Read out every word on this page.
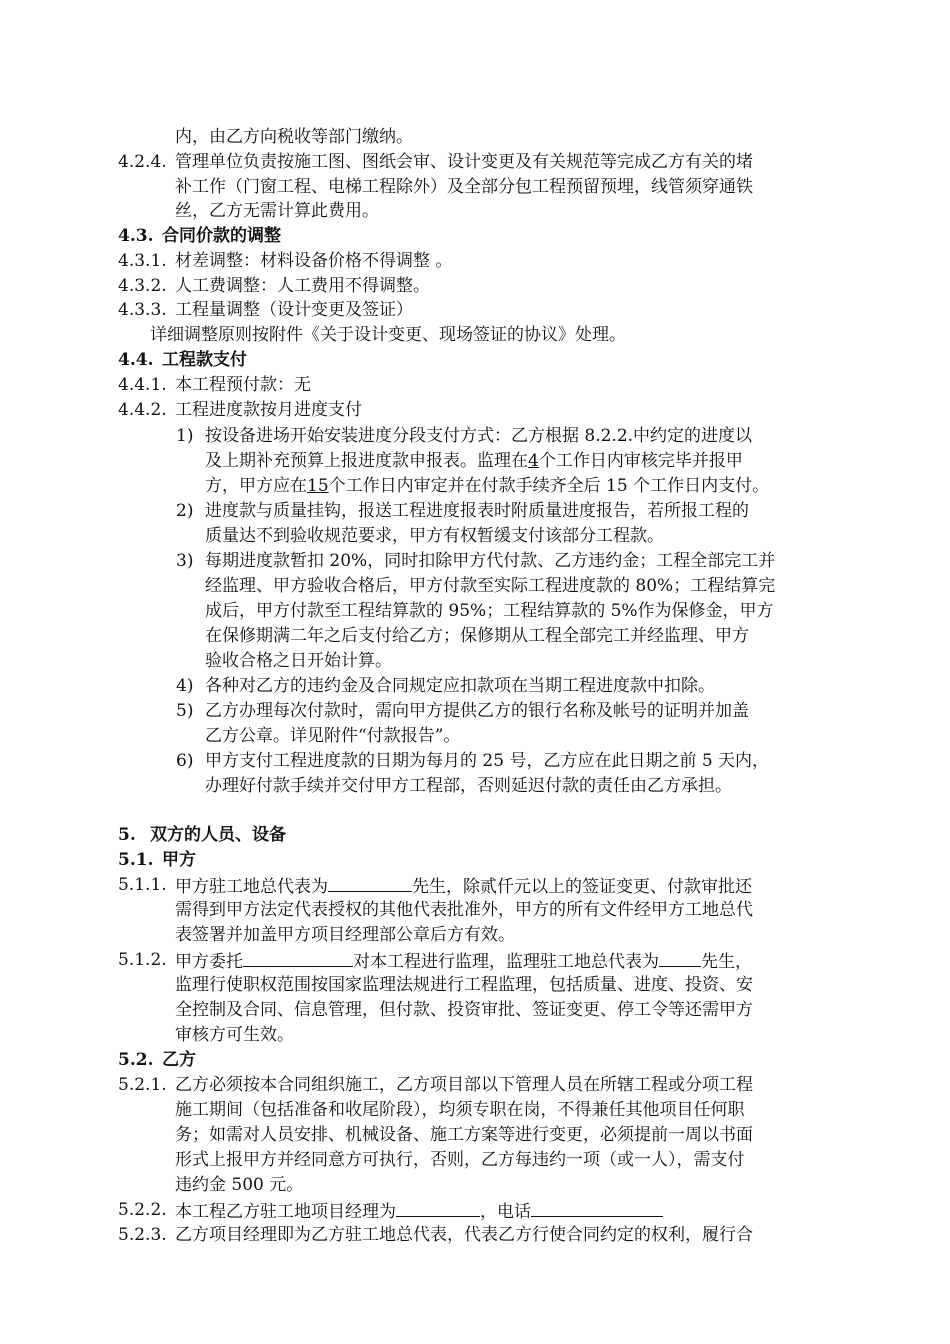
内，由乙方向税收等部门缴纳。
4.2.4. 管理单位负责按施工图、图纸会审、设计变更及有关规范等完成乙方有关的堵
补工作（门窗工程、电梯工程除外）及全部分包工程预留预埋，线管须穿通铁
丝，乙方无需计算此费用。
4.3. 合同价款的调整
4.3.1. 材差调整：材料设备价格不得调整 。
4.3.2. 人工费调整：人工费用不得调整。
4.3.3. 工程量调整（设计变更及签证）
详细调整原则按附件《关于设计变更、现场签证的协议》处理。
4.4. 工程款支付
4.4.1. 本工程预付款：无
4.4.2. 工程进度款按月进度支付
1) 按设备进场开始安装进度分段支付方式：乙方根据 8.2.2.中约定的进度以
及上期补充预算上报进度款申报表。监理在4个工作日内审核完毕并报甲
方，甲方应在15个工作日内审定并在付款手续齐全后 15 个工作日内支付。
2) 进度款与质量挂钩，报送工程进度报表时附质量进度报告，若所报工程的
质量达不到验收规范要求，甲方有权暂缓支付该部分工程款。
3) 每期进度款暂扣 20%，同时扣除甲方代付款、乙方违约金；工程全部完工并
经监理、甲方验收合格后，甲方付款至实际工程进度款的 80%；工程结算完
成后，甲方付款至工程结算款的 95%；工程结算款的 5%作为保修金，甲方
在保修期满二年之后支付给乙方；保修期从工程全部完工并经监理、甲方
验收合格之日开始计算。
4) 各种对乙方的违约金及合同规定应扣款项在当期工程进度款中扣除。
5) 乙方办理每次付款时，需向甲方提供乙方的银行名称及帐号的证明并加盖
乙方公章。详见附件“付款报告”。
6) 甲方支付工程进度款的日期为每月的 25 号，乙方应在此日期之前 5 天内，
办理好付款手续并交付甲方工程部，否则延迟付款的责任由乙方承担。
5. 双方的人员、设备
5.1. 甲方
5.1.1. 甲方驻工地总代表为	先生，除贰仟元以上的签证变更、付款审批还
需得到甲方法定代表授权的其他代表批准外，甲方的所有文件经甲方工地总代
表签署并加盖甲方项目经理部公章后方有效。
5.1.2. 甲方委托	对本工程进行监理，监理驻工地总代表为 先生，
监理行使职权范围按国家监理法规进行工程监理，包括质量、进度、投资、安
全控制及合同、信息管理，但付款、投资审批、签证变更、停工令等还需甲方
审核方可生效。
5.2. 乙方
5.2.1. 乙方必须按本合同组织施工，乙方项目部以下管理人员在所辖工程或分项工程
施工期间（包括准备和收尾阶段），均须专职在岗，不得兼任其他项目任何职
务；如需对人员安排、机械设备、施工方案等进行变更，必须提前一周以书面
形式上报甲方并经同意方可执行，否则，乙方每违约一项（或一人），需支付
违约金 500 元。
5.2.2. 本工程乙方驻工地项目经理为	，电话
5.2.3. 乙方项目经理即为乙方驻工地总代表，代表乙方行使合同约定的权利，履行合
